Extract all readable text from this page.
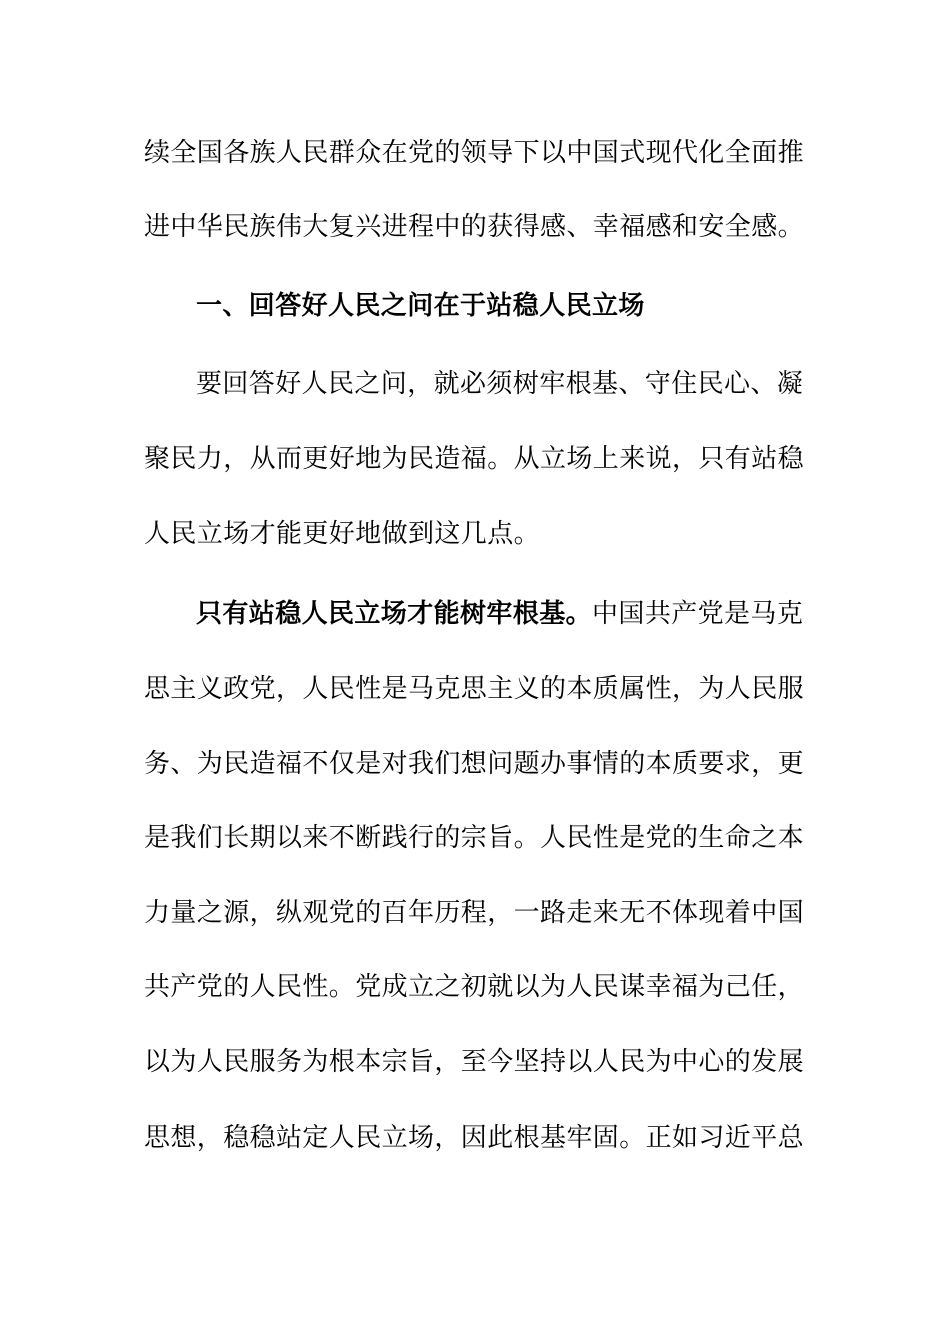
续全国各族人民群众在党的领导下以中国式现代化全面推
进中华民族伟大复兴进程中的获得感、幸福感和安全感。
一、回答好人民之问在于站稳人民立场
要回答好人民之问，就必须树牢根基、守住民心、凝
聚民力，从而更好地为民造福。从立场上来说，只有站稳
人民立场才能更好地做到这几点。
只有站稳人民立场才能树牢根基。中国共产党是马克
思主义政党，人民性是马克思主义的本质属性，为人民服
务、为民造福不仅是对我们想问题办事情的本质要求，更
是我们长期以来不断践行的宗旨。人民性是党的生命之本
力量之源，纵观党的百年历程，一路走来无不体现着中国
共产党的人民性。党成立之初就以为人民谋幸福为己任，
以为人民服务为根本宗旨，至今坚持以人民为中心的发展
思想，稳稳站定人民立场，因此根基牢固。正如习近平总
